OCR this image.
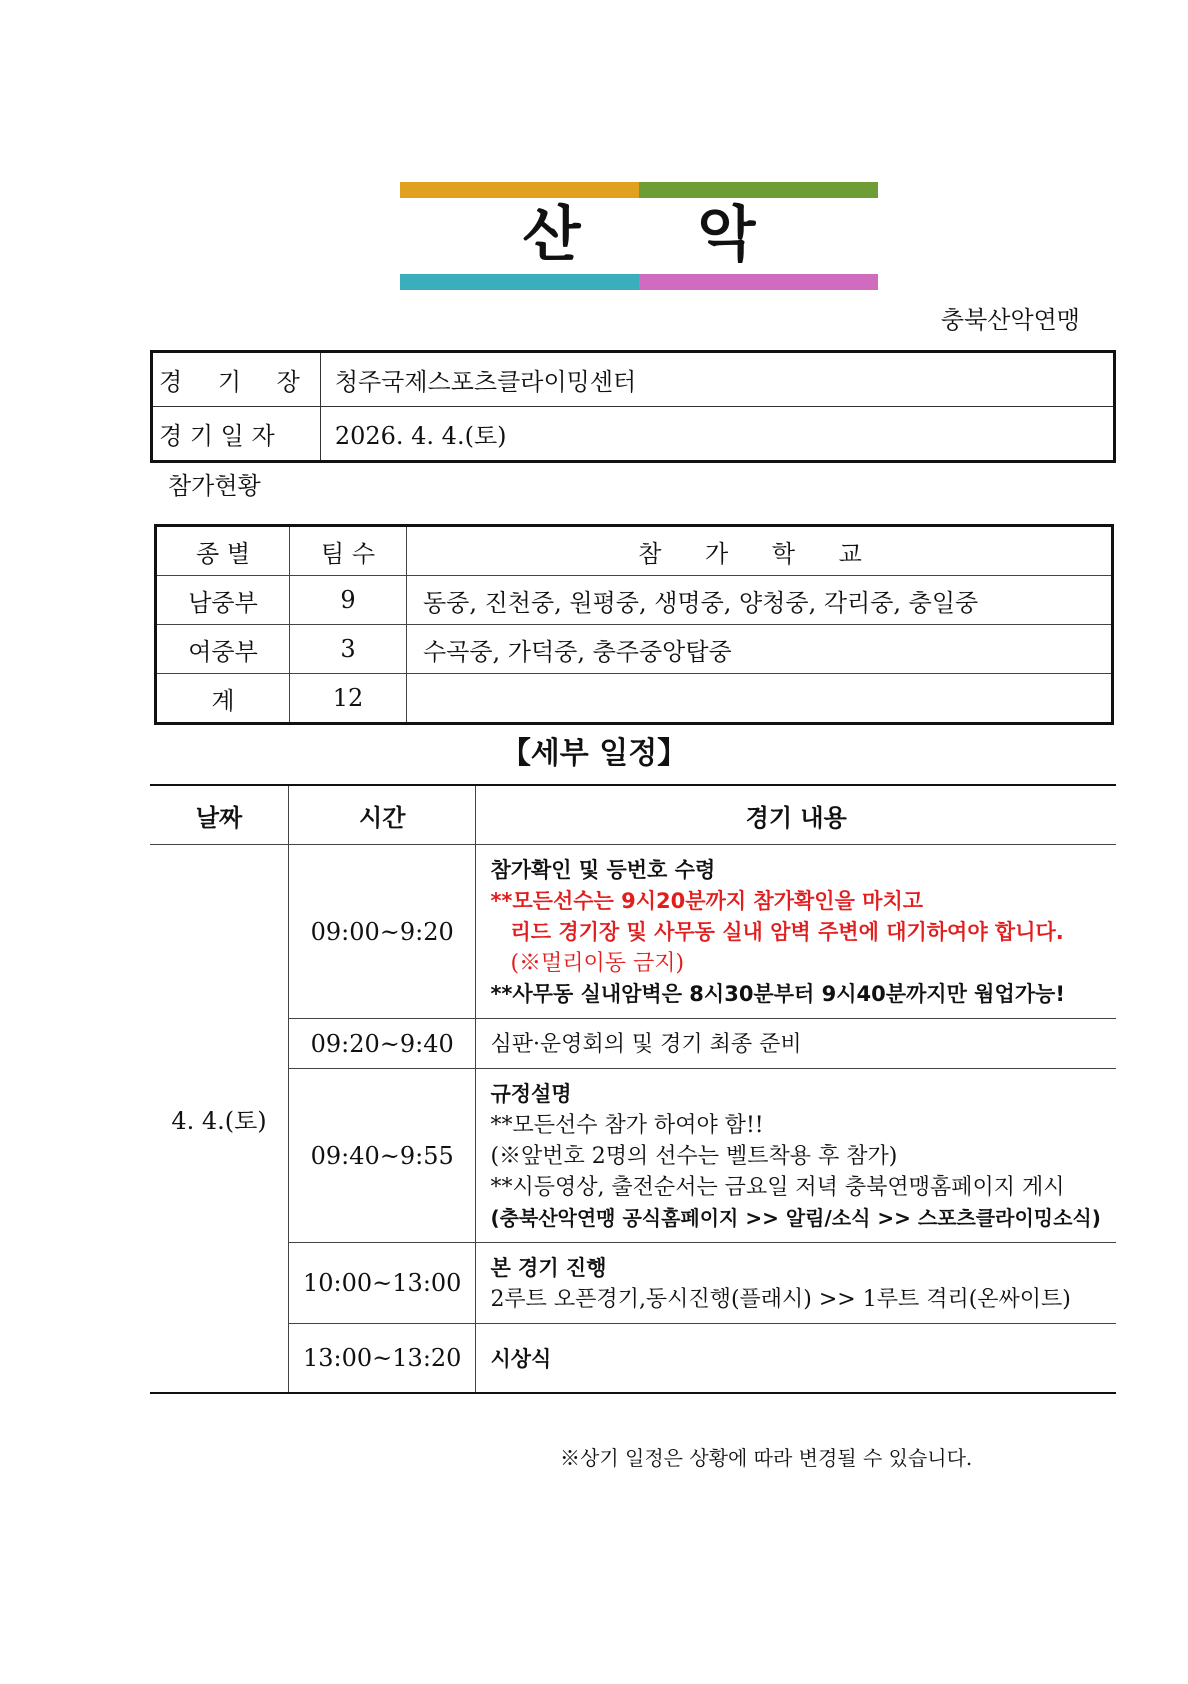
산 악
충북산악연맹
경 기 장	청주국제스포츠클라이밍센터
경 기 일 자	2026. 4. 4.(토)
참가현황
종 별	팀 수	참 가 학 교
남중부	9	동중, 진천중, 원평중, 생명중, 양청중, 각리중, 충일중
여중부	3	수곡중, 가덕중, 충주중앙탑중
계	12	
【세부 일정】
날짜	시간	경기 내용
4. 4.(토)	09:00~9:20	참가확인 및 등번호 수령
**모든선수는 9시20분까지 참가확인을 마치고
리드 경기장 및 사무동 실내 암벽 주변에 대기하여야 합니다.
(※멀리이동 금지)
**사무동 실내암벽은 8시30분부터 9시40분까지만 웜업가능!

	09:20~9:40	심판·운영회의 및 경기 최종 준비

	09:40~9:55	규정설명
**모든선수 참가 하여야 함!!
(※앞번호 2명의 선수는 벨트착용 후 참가)
**시등영상, 출전순서는 금요일 저녁 충북연맹홈페이지 게시
(충북산악연맹 공식홈페이지 >> 알림/소식 >> 스포츠클라이밍소식)

	10:00~13:00	본 경기 진행
2루트 오픈경기,동시진행(플래시) >> 1루트 격리(온싸이트)

	13:00~13:20	시상식
※상기 일정은 상황에 따라 변경될 수 있습니다.
